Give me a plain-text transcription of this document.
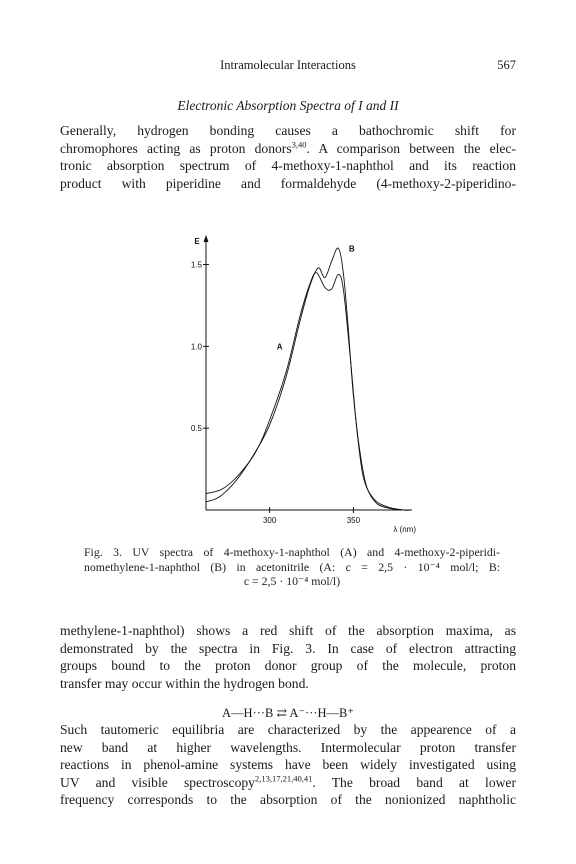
Intramolecular Interactions	567
Electronic Absorption Spectra of I and II

Generally, hydrogen bonding causes a bathochromic shift for
chromophores acting as proton donors$^{3,40}$. A comparison between the elec-
tronic absorption spectrum of 4-methoxy-1-naphthol and its reaction
product with piperidine and formaldehyde (4-methoxy-2-piperidino-

0.5
1.0
1.5
300	350
E
λ (nm)
A
B
Fig. 3. UV spectra of 4-methoxy-1-naphthol (A) and 4-methoxy-2-piperidi-
nomethylene-1-naphthol (B) in acetonitrile (A: c = 2,5 · 10⁻⁴ mol/l; B:
c = 2,5 · 10⁻⁴ mol/l)

methylene-1-naphthol) shows a red shift of the absorption maxima, as
demonstrated by the spectra in Fig. 3. In case of electron attracting
groups bound to the proton donor group of the molecule, proton
transfer may occur within the hydrogen bond.

A—H···B ⇄ A⁻···H—B⁺

Such tautomeric equilibria are characterized by the appearence of a
new band at higher wavelengths. Intermolecular proton transfer
reactions in phenol-amine systems have been widely investigated using
UV and visible spectroscopy$^{2,13,17,21,40,41}$. The broad band at lower
frequency corresponds to the absorption of the nonionized naphtholic
